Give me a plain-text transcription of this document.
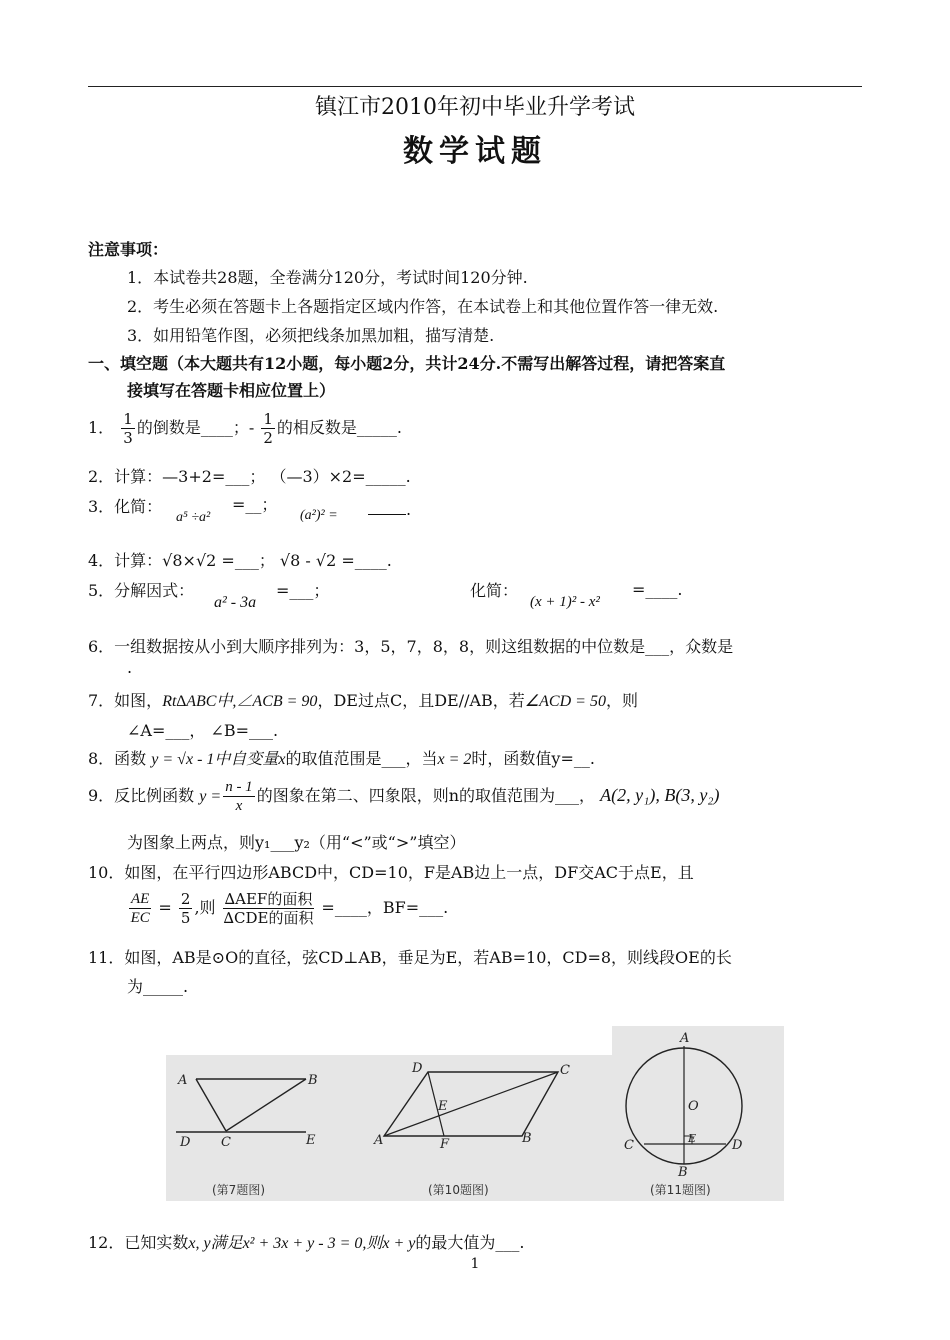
镇江市2010年初中毕业升学考试
数学试题
注意事项：
1．本试卷共28题，全卷满分120分，考试时间120分钟.
2．考生必须在答题卡上各题指定区域内作答，在本试卷上和其他位置作答一律无效.
3．如用铅笔作图，必须把线条加黑加粗，描写清楚.
一、填空题（本大题共有12小题，每小题2分，共计24分.不需写出解答过程，请把答案直
接填写在答题卡相应位置上）
1． $\frac{1}{3}$ 的倒数是____；- $\frac{1}{2}$ 的相反数是_____.
2．计算：—3+2=___； （—3）×2=_____.
3．化简：
a⁵ ÷a²
=__；
(a²)² =	.
4．计算：√8×√2 =___； √8 - √2 =____.
5．分解因式：
a² - 3a
=___；	化简：
(x + 1)² - x²
=____.
6．一组数据按从小到大顺序排列为：3，5，7，8，8，则这组数据的中位数是___，众数是
.
7．如图，Rt∆ABC中,∠ACB = 90，DE过点C，且DE//AB，若∠ACD = 50，则
∠A=___， ∠B=___.
8．函数 y = √x - 1中自变量x的取值范围是___，当x = 2时，函数值y=__.
9．反比例函数 $y = \frac{n - 1}{x}$ 的图象在第二、四象限，则n的取值范围为___， A(2, y₁), B(3, y₂)
为图象上两点，则y₁___y₂（用“<”或“>”填空）
10．如图，在平行四边形ABCD中，CD=10，F是AB边上一点，DF交AC于点E，且
$\frac{AE}{EC} = \frac{2}{5}$ ,则 $\frac{\text{∆AEF的面积}}{\text{∆CDE的面积}}$ =____，BF=___.
11．如图，AB是⊙O的直径，弦CD⊥AB，垂足为E，若AB=10，CD=8，则线段OE的长
为_____.
A	B
D C	E
(第7题图)
D	C
E
A	F	B
(第10题图)
A
O
C	E	D
B
(第11题图)
12．已知实数x, y满足x² + 3x + y - 3 = 0,则x + y的最大值为___.
1
